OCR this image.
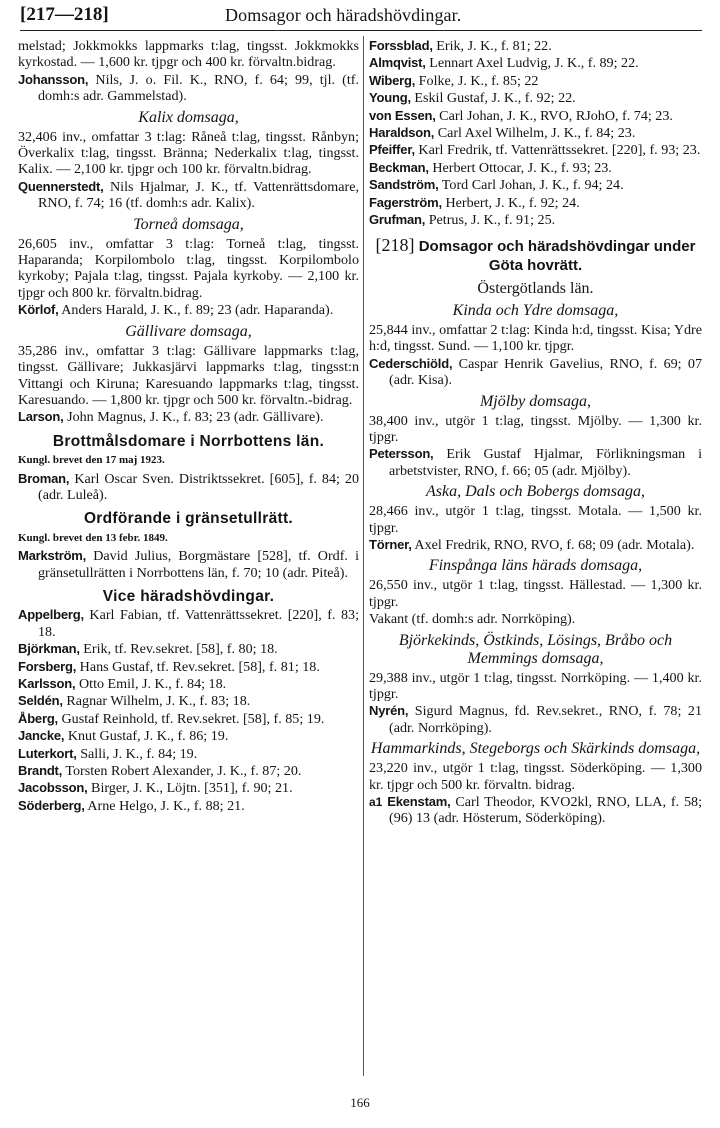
[217—218]	Domsagor och häradshövdingar.

melstad; Jokkmokks lappmarks t:lag, tingsst. Jokkmokks kyrkostad. — 1,600 kr. tjpgr och 400 kr. förvaltn.bidrag.

Johansson, Nils, J. o. Fil. K., RNO, f. 64; 99, tjl. (tf. domh:s adr. Gammelstad).

Kalix domsaga,

32,406 inv., omfattar 3 t:lag: Råneå t:lag, tingsst. Rånbyn; Överkalix t:lag, tingsst. Bränna; Nederkalix t:lag, tingsst. Kalix. — 2,100 kr. tjpgr och 100 kr. förvaltn.bidrag.

Quennerstedt, Nils Hjalmar, J. K., tf. Vattenrättsdomare, RNO, f. 74; 16 (tf. domh:s adr. Kalix).

Torneå domsaga,

26,605 inv., omfattar 3 t:lag: Torneå t:lag, tingsst. Haparanda; Korpilombolo t:lag, tingsst. Korpilombolo kyrkoby; Pajala t:lag, tingsst. Pajala kyrkoby. — 2,100 kr. tjpgr och 800 kr. förvaltn.bidrag.

Körlof, Anders Harald, J. K., f. 89; 23 (adr. Haparanda).

Gällivare domsaga,

35,286 inv., omfattar 3 t:lag: Gällivare lappmarks t:lag, tingsst. Gällivare; Jukkasjärvi lappmarks t:lag, tingsst:n Vittangi och Kiruna; Karesuando lappmarks t:lag, tingsst. Karesuando. — 1,800 kr. tjpgr och 500 kr. förvaltn.-bidrag.

Larson, John Magnus, J. K., f. 83; 23 (adr. Gällivare).

Brottmålsdomare i Norrbottens län.
Kungl. brevet den 17 maj 1923.

Broman, Karl Oscar Sven. Distriktssekret. [605], f. 84; 20 (adr. Luleå).

Ordförande i gränsetullrätt.
Kungl. brevet den 13 febr. 1849.

Markström, David Julius, Borgmästare [528], tf. Ordf. i gränsetullrätten i Norrbottens län, f. 70; 10 (adr. Piteå).

Vice häradshövdingar.

Appelberg, Karl Fabian, tf. Vattenrättssekret. [220], f. 83; 18.

Björkman, Erik, tf. Rev.sekret. [58], f. 80; 18.

Forsberg, Hans Gustaf, tf. Rev.sekret. [58], f. 81; 18.

Karlsson, Otto Emil, J. K., f. 84; 18.

Seldén, Ragnar Wilhelm, J. K., f. 83; 18.

Åberg, Gustaf Reinhold, tf. Rev.sekret. [58], f. 85; 19.

Jancke, Knut Gustaf, J. K., f. 86; 19.

Luterkort, Salli, J. K., f. 84; 19.

Brandt, Torsten Robert Alexander, J. K., f. 87; 20.

Jacobsson, Birger, J. K., Löjtn. [351], f. 90; 21.

Söderberg, Arne Helgo, J. K., f. 88; 21.

Forssblad, Erik, J. K., f. 81; 22.

Almqvist, Lennart Axel Ludvig, J. K., f. 89; 22.

Wiberg, Folke, J. K., f. 85; 22

Young, Eskil Gustaf, J. K., f. 92; 22.

von Essen, Carl Johan, J. K., RVO, RJohO, f. 74; 23.

Haraldson, Carl Axel Wilhelm, J. K., f. 84; 23.

Pfeiffer, Karl Fredrik, tf. Vattenrättssekret. [220], f. 93; 23.

Beckman, Herbert Ottocar, J. K., f. 93; 23.

Sandström, Tord Carl Johan, J. K., f. 94; 24.

Fagerström, Herbert, J. K., f. 92; 24.

Grufman, Petrus, J. K., f. 91; 25.

[218] Domsagor och häradshövdingar under Göta hovrätt.
Östergötlands län.
Kinda och Ydre domsaga,

25,844 inv., omfattar 2 t:lag: Kinda h:d, tingsst. Kisa; Ydre h:d, tingsst. Sund. — 1,100 kr. tjpgr.

Cederschiöld, Caspar Henrik Gavelius, RNO, f. 69; 07 (adr. Kisa).

Mjölby domsaga,

38,400 inv., utgör 1 t:lag, tingsst. Mjölby. — 1,300 kr. tjpgr.

Petersson, Erik Gustaf Hjalmar, Förlikningsman i arbetstvister, RNO, f. 66; 05 (adr. Mjölby).

Aska, Dals och Bobergs domsaga,

28,466 inv., utgör 1 t:lag, tingsst. Motala. — 1,500 kr. tjpgr.

Törner, Axel Fredrik, RNO, RVO, f. 68; 09 (adr. Motala).

Finspånga läns härads domsaga,

26,550 inv., utgör 1 t:lag, tingsst. Hällestad. — 1,300 kr. tjpgr.

Vakant (tf. domh:s adr. Norrköping).

Björkekinds, Östkinds, Lösings, Bråbo och Memmings domsaga,

29,388 inv., utgör 1 t:lag, tingsst. Norrköping. — 1,400 kr. tjpgr.

Nyrén, Sigurd Magnus, fd. Rev.sekret., RNO, f. 78; 21 (adr. Norrköping).

Hammarkinds, Stegeborgs och Skärkinds domsaga,

23,220 inv., utgör 1 t:lag, tingsst. Söderköping. — 1,300 kr. tjpgr och 500 kr. förvaltn. bidrag.

a1 Ekenstam, Carl Theodor, KVO2kl, RNO, LLA, f. 58; (96) 13 (adr. Hösterum, Söderköping).

166
